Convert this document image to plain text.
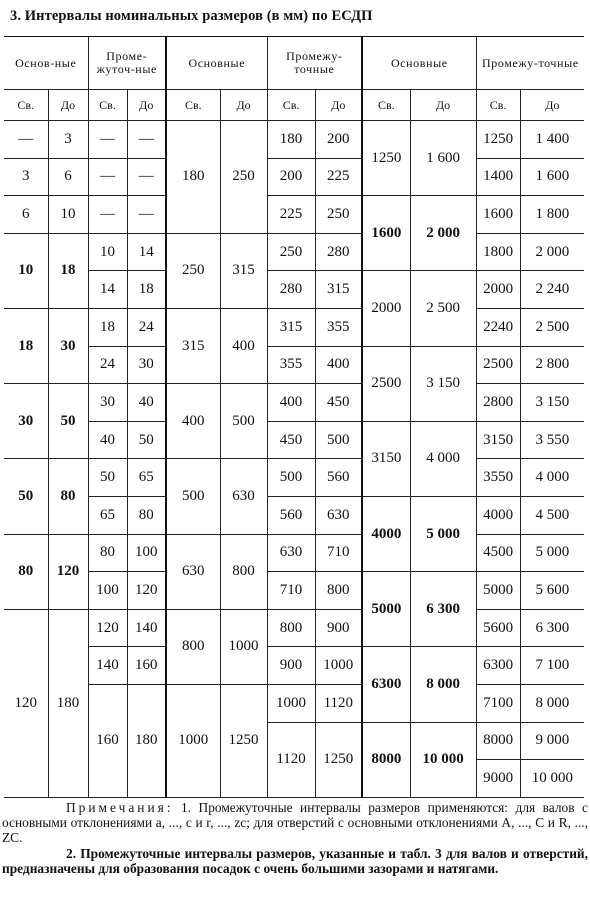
3. Интервалы номинальных размеров (в мм) по ЕСДП
Основ-ные		Проме-жуточ-ные		Основные		Промежу-точные		Основные		Промежу-точные	
Св.	До	Св.	До	Св.	До	Св.	До	Св.	До	Св.	До
—	3	—	—	180	250	180	200	1250	1 600	1250	1 400
3	6	—	—			200	225			1400	1 600
6	10	—	—			225	250	1600	2 000	1600	1 800
10	18	10	14	250	315	250	280			1800	2 000
		14	18			280	315	2000	2 500	2000	2 240
18	30	18	24	315	400	315	355			2240	2 500
		24	30			355	400	2500	3 150	2500	2 800
30	50	30	40	400	500	400	450			2800	3 150
		40	50			450	500	3150	4 000	3150	3 550
50	80	50	65	500	630	500	560			3550	4 000
		65	80			560	630	4000	5 000	4000	4 500
80	120	80	100	630	800	630	710			4500	5 000
		100	120			710	800	5000	6 300	5000	5 600
120	180	120	140	800	1000	800	900			5600	6 300
		140	160			900	1000	6300	8 000	6300	7 100
		160	180	1000	1250	1000	1120			7100	8 000
						1120	1250	8000	10 000	8000	9 000
										9000	10 000

Примечания: 1. Промежуточные интервалы размеров применяются: для валов с основными отклонениями a, ..., c и r, ..., zc; для отверстий с основными отклонениями A, ..., C и R, ..., ZC.

2. Промежуточные интервалы размеров, указанные и табл. 3 для валов и отверстий, предназначены для образования посадок с очень большими зазорами и натягами.
